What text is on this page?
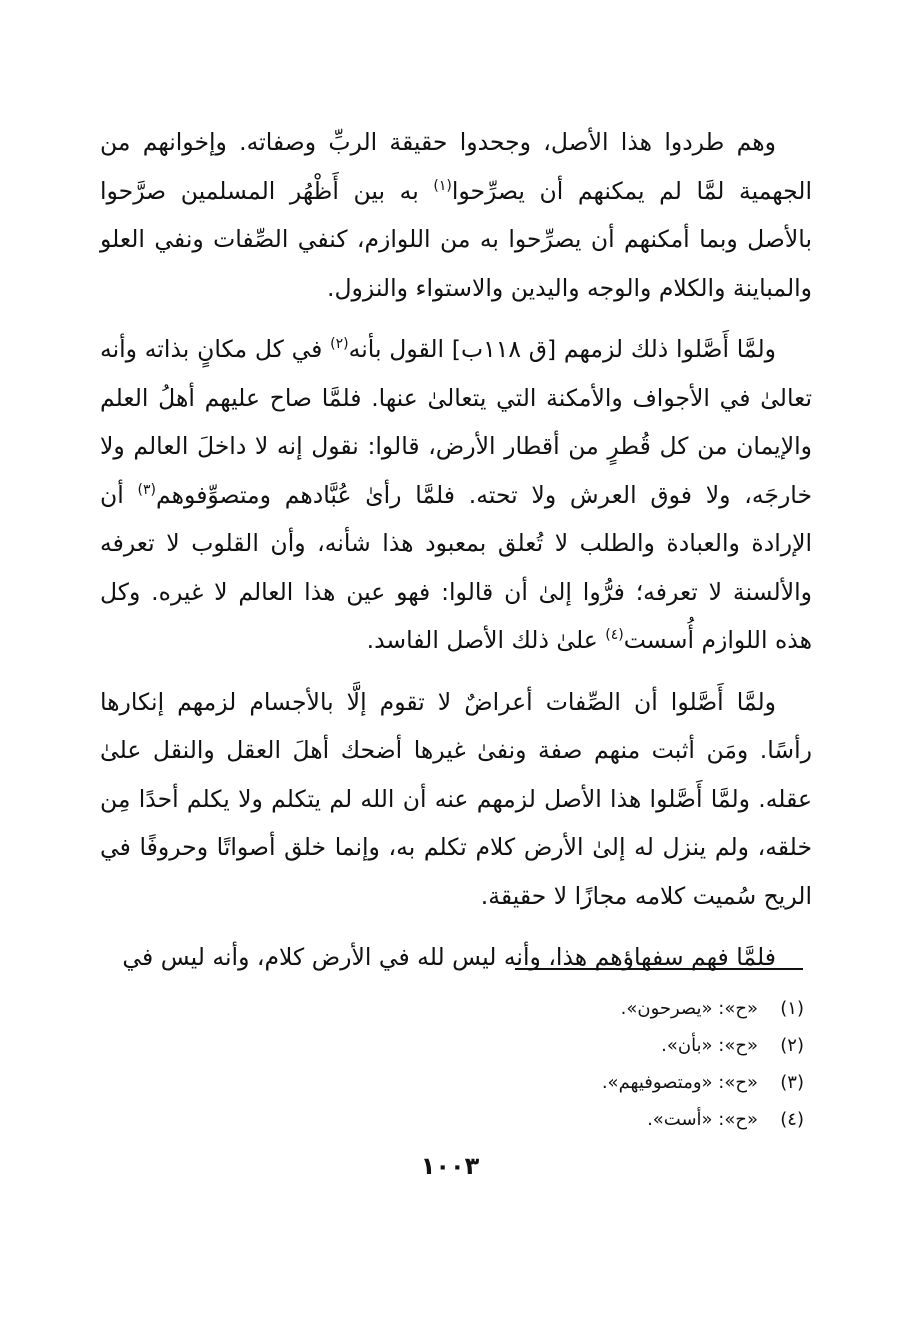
وهم طردوا هذا الأصل، وجحدوا حقيقة الربِّ وصفاته. وإخوانهم من الجهمية لمَّا لم يمكنهم أن يصرِّحوا$^{(١)}$ به بين أَظْهُر المسلمين صرَّحوا بالأصل وبما أمكنهم أن يصرِّحوا به من اللوازم، كنفي الصِّفات ونفي العلو والمباينة والكلام والوجه واليدين والاستواء والنزول.

ولمَّا أَصَّلوا ذلك لزمهم [ق ١١٨ب] القول بأنه$^{(٢)}$ في كل مكانٍ بذاته وأنه تعالىٰ في الأجواف والأمكنة التي يتعالىٰ عنها. فلمَّا صاح عليهم أهلُ العلم والإيمان من كل قُطرٍ من أقطار الأرض، قالوا: نقول إنه لا داخلَ العالم ولا خارجَه، ولا فوق العرش ولا تحته. فلمَّا رأىٰ عُبَّادهم ومتصوِّفوهم$^{(٣)}$ أن الإرادة والعبادة والطلب لا تُعلق بمعبود هذا شأنه، وأن القلوب لا تعرفه والألسنة لا تعرفه؛ فرُّوا إلىٰ أن قالوا: فهو عين هذا العالم لا غيره. وكل هذه اللوازم أُسست$^{(٤)}$ علىٰ ذلك الأصل الفاسد.

ولمَّا أَصَّلوا أن الصِّفات أعراضٌ لا تقوم إلَّا بالأجسام لزمهم إنكارها رأسًا. ومَن أثبت منهم صفة ونفىٰ غيرها أضحك أهلَ العقل والنقل علىٰ عقله. ولمَّا أَصَّلوا هذا الأصل لزمهم عنه أن الله لم يتكلم ولا يكلم أحدًا مِن خلقه، ولم ينزل له إلىٰ الأرض كلام تكلم به، وإنما خلق أصواتًا وحروفًا في الريح سُميت كلامه مجازًا لا حقيقة.

فلمَّا فهم سفهاؤهم هذا، وأنه ليس لله في الأرض كلام، وأنه ليس في

(١)«ح»: «يصرحون».
(٢)«ح»: «بأن».
(٣)«ح»: «ومتصوفيهم».
(٤)«ح»: «أست».
١٠٠٣
